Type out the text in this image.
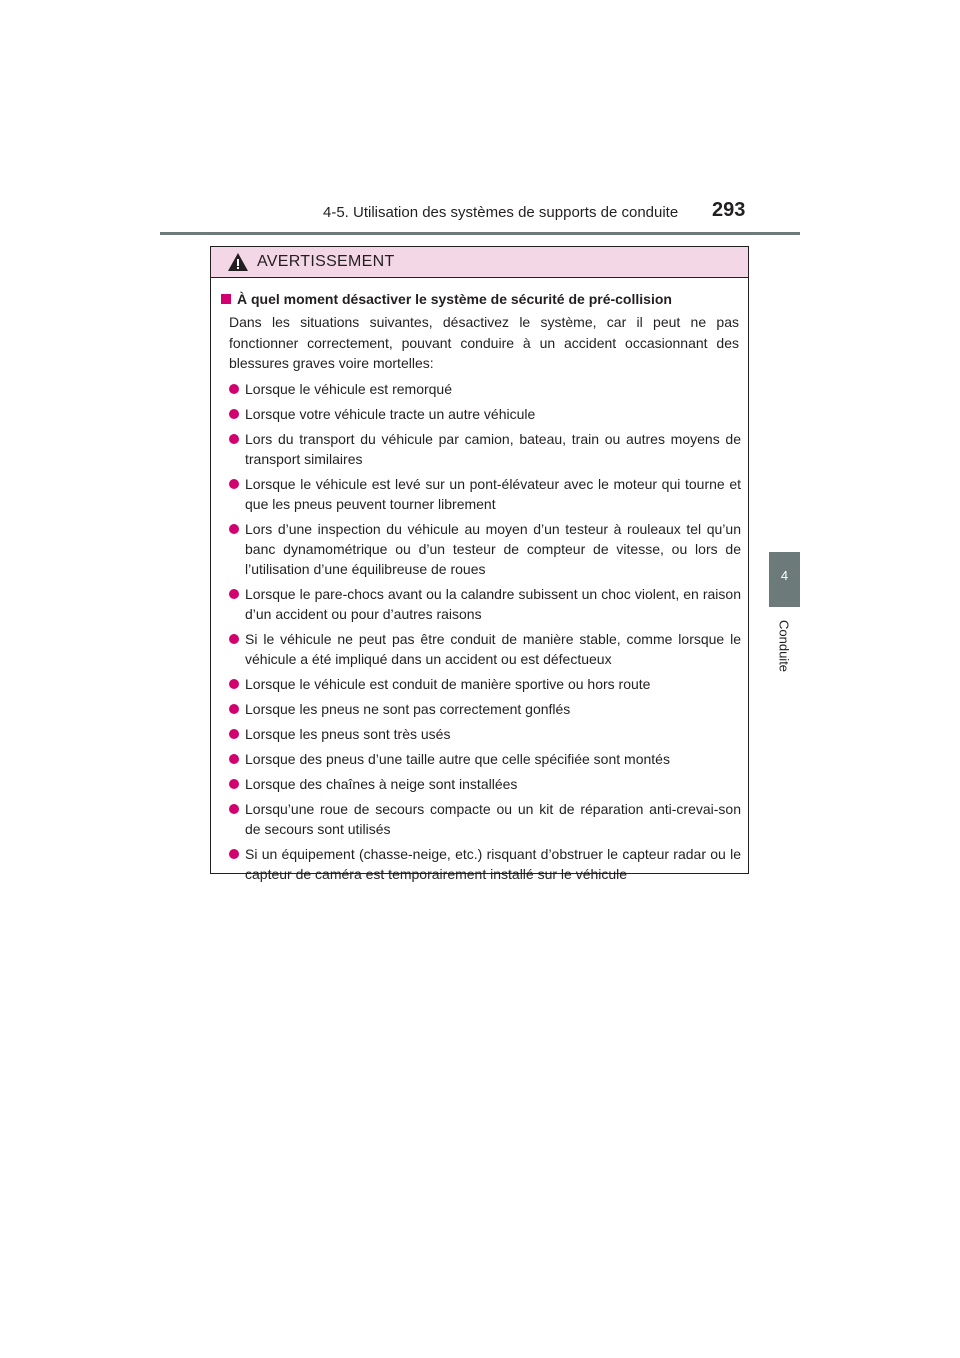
4-5. Utilisation des systèmes de supports de conduite 293
4
Conduite
AVERTISSEMENT
À quel moment désactiver le système de sécurité de pré-collision

Dans les situations suivantes, désactivez le système, car il peut ne pas fonctionner correctement, pouvant conduire à un accident occasionnant des blessures graves voire mortelles:

Lorsque le véhicule est remorqué
Lorsque votre véhicule tracte un autre véhicule
Lors du transport du véhicule par camion, bateau, train ou autres moyens de transport similaires
Lorsque le véhicule est levé sur un pont-élévateur avec le moteur qui tourne et que les pneus peuvent tourner librement
Lors d’une inspection du véhicule au moyen d’un testeur à rouleaux tel qu’un banc dynamométrique ou d’un testeur de compteur de vitesse, ou lors de l’utilisation d’une équilibreuse de roues
Lorsque le pare-chocs avant ou la calandre subissent un choc violent, en raison d’un accident ou pour d’autres raisons
Si le véhicule ne peut pas être conduit de manière stable, comme lorsque le véhicule a été impliqué dans un accident ou est défectueux
Lorsque le véhicule est conduit de manière sportive ou hors route
Lorsque les pneus ne sont pas correctement gonflés
Lorsque les pneus sont très usés
Lorsque des pneus d’une taille autre que celle spécifiée sont montés
Lorsque des chaînes à neige sont installées
Lorsqu’une roue de secours compacte ou un kit de réparation anti-crevai-son de secours sont utilisés
Si un équipement (chasse-neige, etc.) risquant d’obstruer le capteur radar ou le capteur de caméra est temporairement installé sur le véhicule
